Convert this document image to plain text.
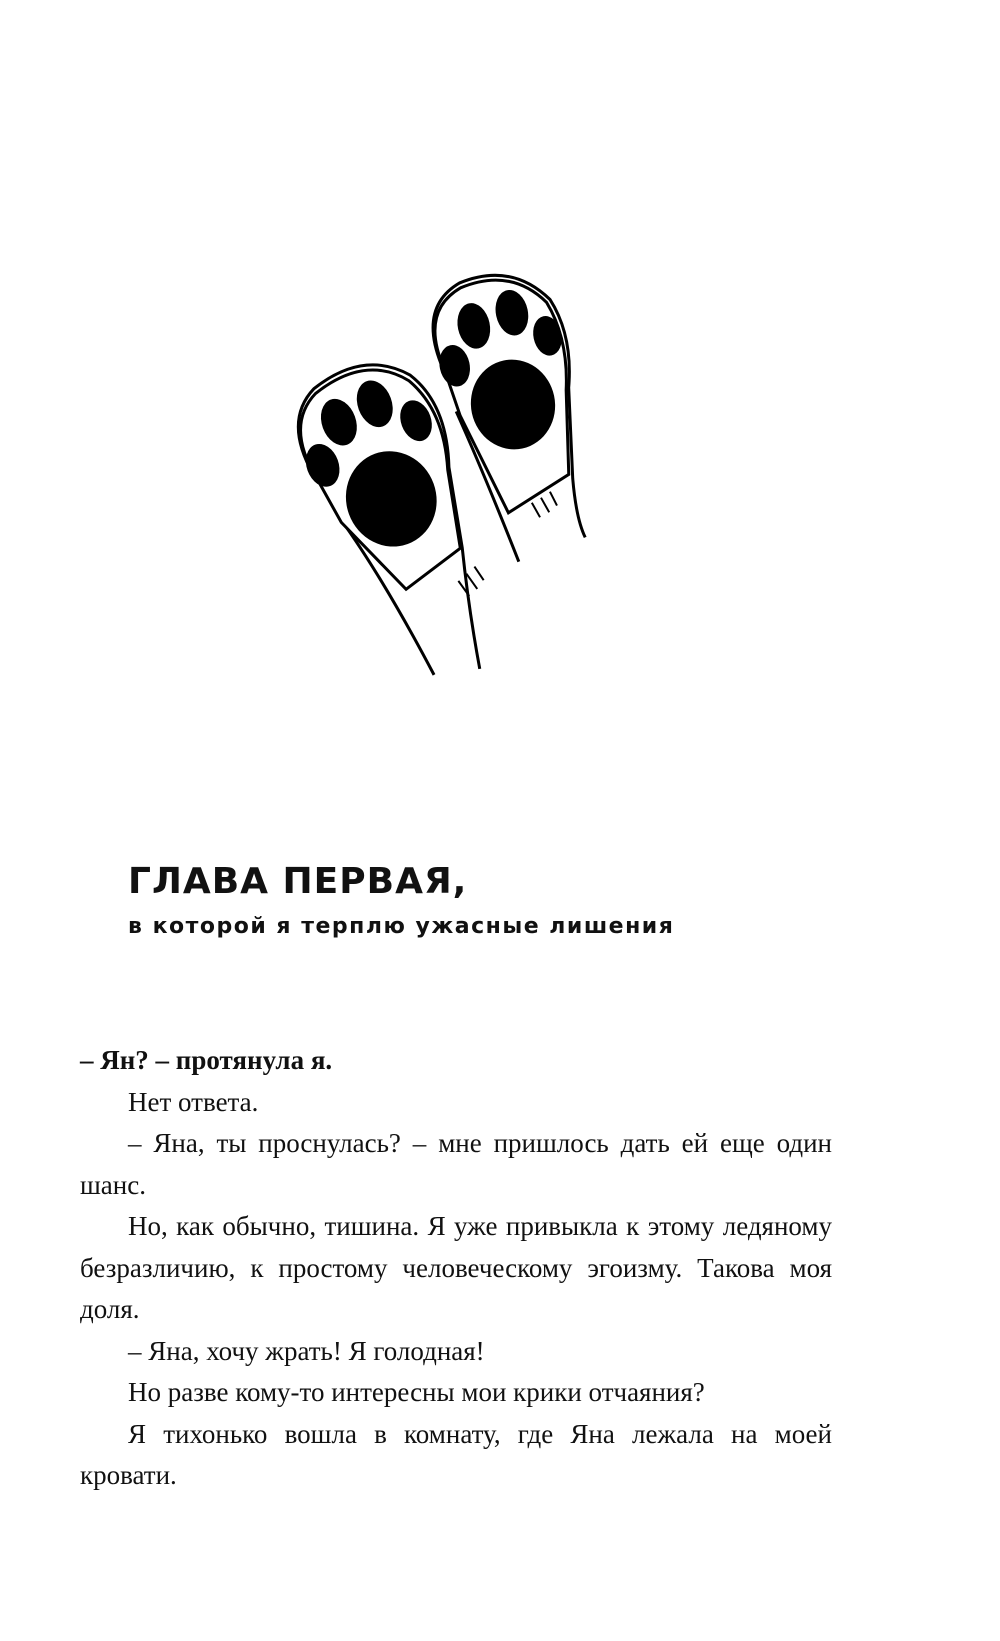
ГЛАВА ПЕРВАЯ,
в которой я терплю ужасные лишения

– Ян? – протянула я.

Нет ответа.

– Яна, ты проснулась? – мне пришлось дать ей еще один шанс.

Но, как обычно, тишина. Я уже привыкла к этому ледяному безразличию, к простому человеческому эгоизму. Такова моя доля.

– Яна, хочу жрать! Я голодная!

Но разве кому-то интересны мои крики отчаяния?

Я тихонько вошла в комнату, где Яна лежала на моей кровати.
